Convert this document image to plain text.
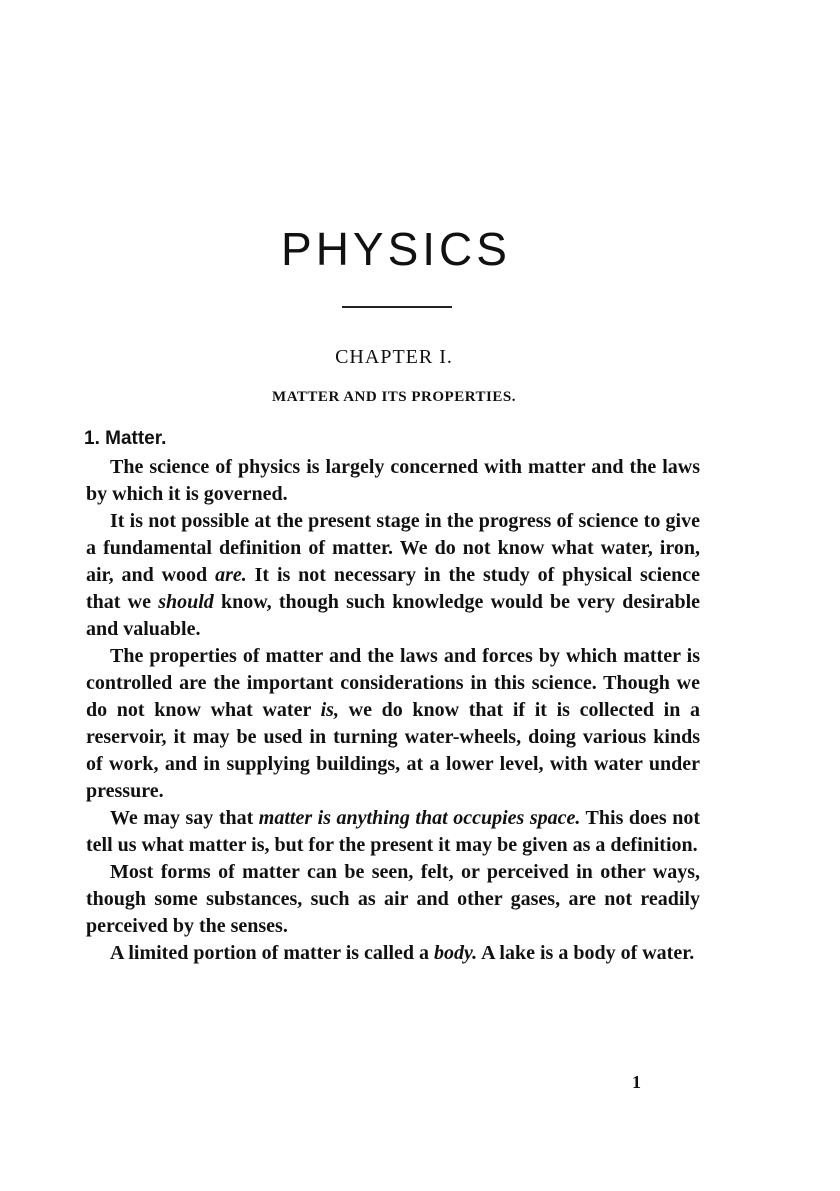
PHYSICS
CHAPTER I.
MATTER AND ITS PROPERTIES.
1. Matter.

The science of physics is largely concerned with matter and the laws by which it is governed.

It is not possible at the present stage in the progress of science to give a fundamental definition of matter. We do not know what water, iron, air, and wood are. It is not necessary in the study of physical science that we should know, though such knowledge would be very desirable and valuable.

The properties of matter and the laws and forces by which matter is controlled are the important considerations in this science. Though we do not know what water is, we do know that if it is collected in a reservoir, it may be used in turning water-wheels, doing various kinds of work, and in supplying buildings, at a lower level, with water under pressure.

We may say that matter is anything that occupies space. This does not tell us what matter is, but for the present it may be given as a definition.

Most forms of matter can be seen, felt, or perceived in other ways, though some substances, such as air and other gases, are not readily perceived by the senses.

A limited portion of matter is called a body. A lake is a body of water.

1
